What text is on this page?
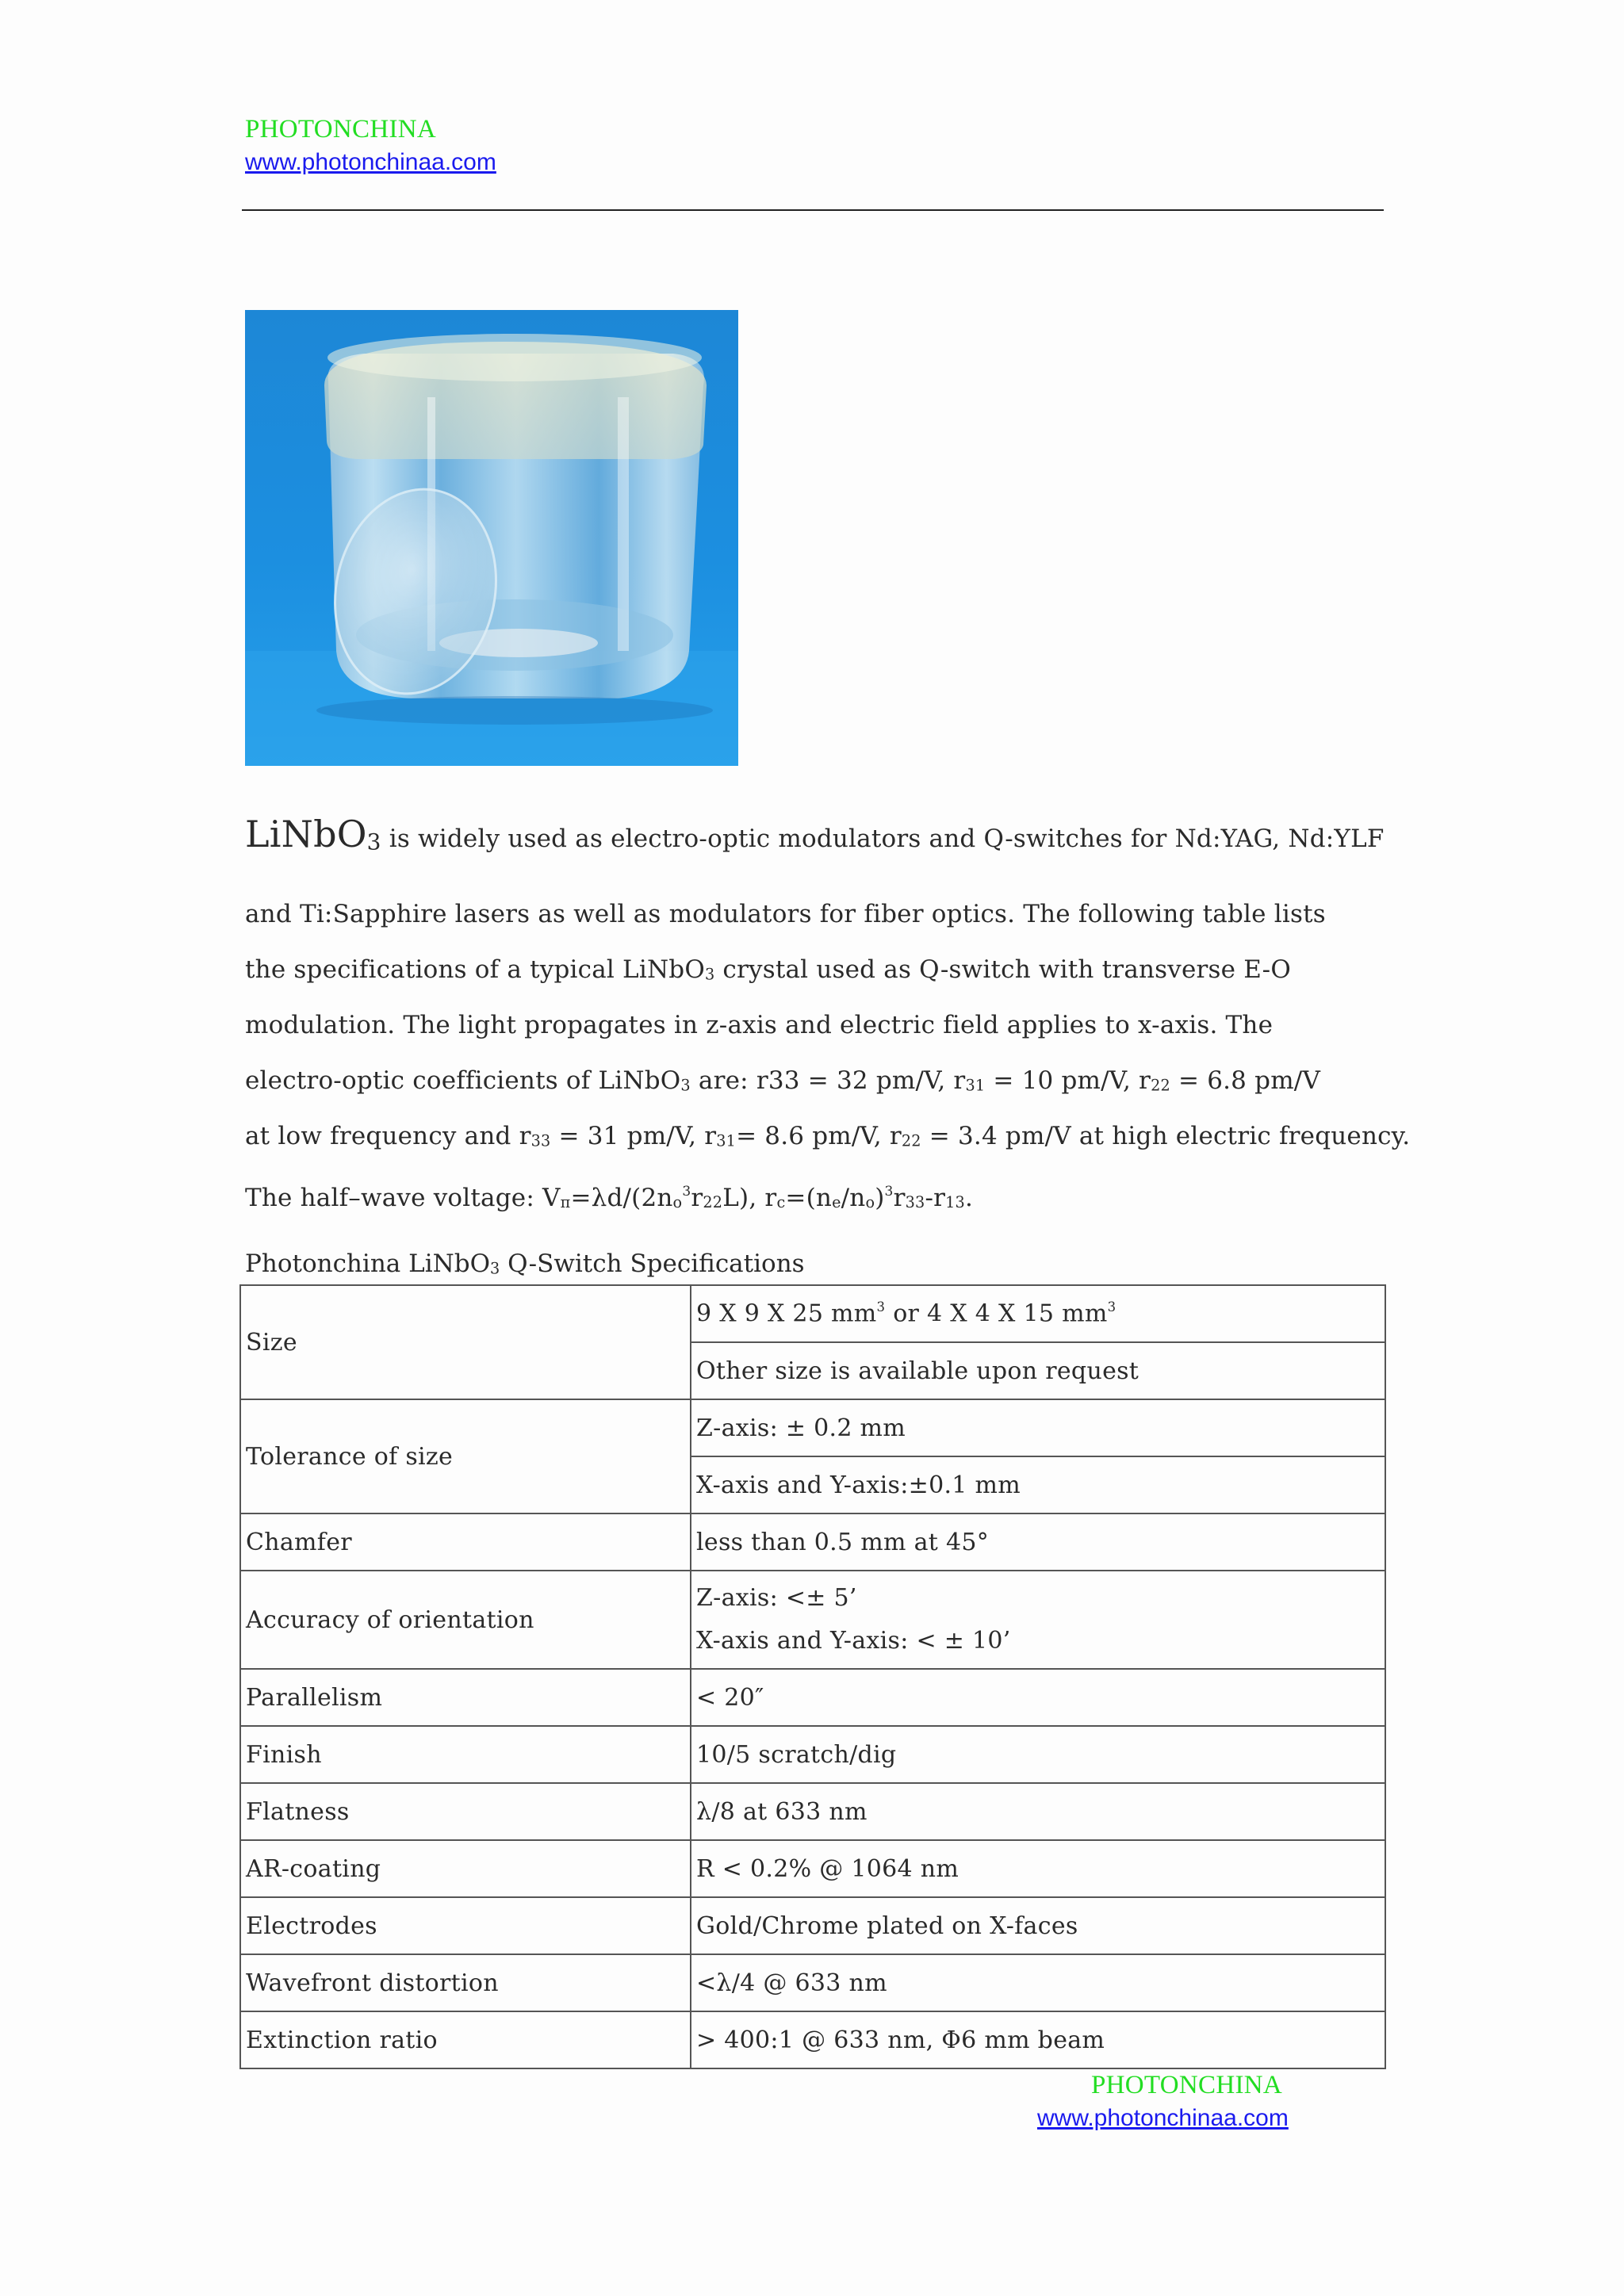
PHOTONCHINA
www.photonchinaa.com
LiNbO3 is widely used as electro-optic modulators and Q-switches for Nd:YAG, Nd:YLF
and Ti:Sapphire lasers as well as modulators for fiber optics. The following table lists
the specifications of a typical LiNbO3 crystal used as Q-switch with transverse E-O
modulation. The light propagates in z-axis and electric field applies to x-axis. The
electro-optic coefficients of LiNbO3 are: r33 = 32 pm/V, r31 = 10 pm/V, r22 = 6.8 pm/V
at low frequency and r33 = 31 pm/V, r31= 8.6 pm/V, r22 = 3.4 pm/V at high electric frequency.
The half–wave voltage: $V\pi=\lambda d/(2no^3r22L)$, $rc=(ne/no)^3r33-r13$.
Photonchina LiNbO3 Q-Switch Specifications
Size	9 X 9 X 25 $mm^3$ or 4 X 4 X 15 $mm^3$
	Other size is available upon request
Tolerance of size	Z-axis: ± 0.2 mm
	X-axis and Y-axis:±0.1 mm
Chamfer	less than 0.5 mm at 45°
Accuracy of orientation	Z-axis: <± 5’
X-axis and Y-axis: < ± 10’

Parallelism	< 20″
Finish	10/5 scratch/dig
Flatness	λ/8 at 633 nm
AR-coating	R < 0.2% @ 1064 nm
Electrodes	Gold/Chrome plated on X-faces
Wavefront distortion	<λ/4 @ 633 nm
Extinction ratio	> 400:1 @ 633 nm, Φ6 mm beam
PHOTONCHINA
www.photonchinaa.com
